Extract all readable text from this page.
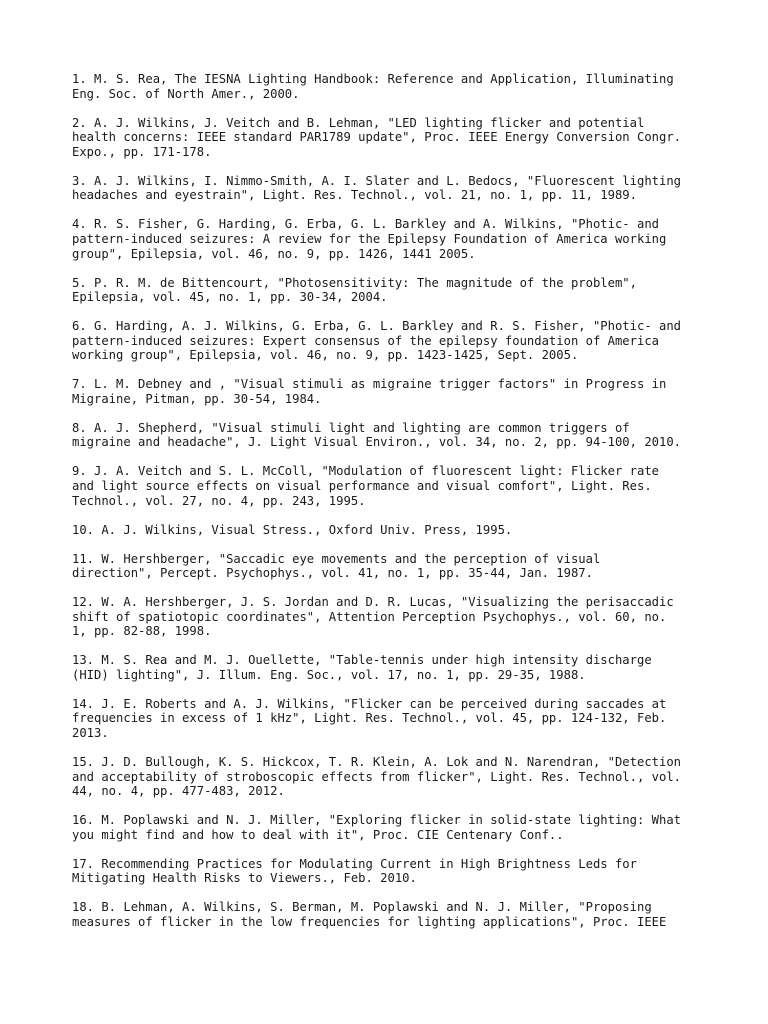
1. M. S. Rea, The IESNA Lighting Handbook: Reference and Application, Illuminating
Eng. Soc. of North Amer., 2000.
2. A. J. Wilkins, J. Veitch and B. Lehman, "LED lighting flicker and potential
health concerns: IEEE standard PAR1789 update", Proc. IEEE Energy Conversion Congr.
Expo., pp. 171-178.
3. A. J. Wilkins, I. Nimmo-Smith, A. I. Slater and L. Bedocs, "Fluorescent lighting
headaches and eyestrain", Light. Res. Technol., vol. 21, no. 1, pp. 11, 1989.
4. R. S. Fisher, G. Harding, G. Erba, G. L. Barkley and A. Wilkins, "Photic- and
pattern-induced seizures: A review for the Epilepsy Foundation of America working
group", Epilepsia, vol. 46, no. 9, pp. 1426, 1441 2005.
5. P. R. M. de Bittencourt, "Photosensitivity: The magnitude of the problem",
Epilepsia, vol. 45, no. 1, pp. 30-34, 2004.
6. G. Harding, A. J. Wilkins, G. Erba, G. L. Barkley and R. S. Fisher, "Photic- and
pattern-induced seizures: Expert consensus of the epilepsy foundation of America
working group", Epilepsia, vol. 46, no. 9, pp. 1423-1425, Sept. 2005.
7. L. M. Debney and , "Visual stimuli as migraine trigger factors" in Progress in
Migraine, Pitman, pp. 30-54, 1984.
8. A. J. Shepherd, "Visual stimuli light and lighting are common triggers of
migraine and headache", J. Light Visual Environ., vol. 34, no. 2, pp. 94-100, 2010.
9. J. A. Veitch and S. L. McColl, "Modulation of fluorescent light: Flicker rate
and light source effects on visual performance and visual comfort", Light. Res.
Technol., vol. 27, no. 4, pp. 243, 1995.
10. A. J. Wilkins, Visual Stress., Oxford Univ. Press, 1995.
11. W. Hershberger, "Saccadic eye movements and the perception of visual
direction", Percept. Psychophys., vol. 41, no. 1, pp. 35-44, Jan. 1987.
12. W. A. Hershberger, J. S. Jordan and D. R. Lucas, "Visualizing the perisaccadic
shift of spatiotopic coordinates", Attention Perception Psychophys., vol. 60, no.
1, pp. 82-88, 1998.
13. M. S. Rea and M. J. Ouellette, "Table-tennis under high intensity discharge
(HID) lighting", J. Illum. Eng. Soc., vol. 17, no. 1, pp. 29-35, 1988.
14. J. E. Roberts and A. J. Wilkins, "Flicker can be perceived during saccades at
frequencies in excess of 1 kHz", Light. Res. Technol., vol. 45, pp. 124-132, Feb.
2013.
15. J. D. Bullough, K. S. Hickcox, T. R. Klein, A. Lok and N. Narendran, "Detection
and acceptability of stroboscopic effects from flicker", Light. Res. Technol., vol.
44, no. 4, pp. 477-483, 2012.
16. M. Poplawski and N. J. Miller, "Exploring flicker in solid-state lighting: What
you might find and how to deal with it", Proc. CIE Centenary Conf..
17. Recommending Practices for Modulating Current in High Brightness Leds for
Mitigating Health Risks to Viewers., Feb. 2010.
18. B. Lehman, A. Wilkins, S. Berman, M. Poplawski and N. J. Miller, "Proposing
measures of flicker in the low frequencies for lighting applications", Proc. IEEE
